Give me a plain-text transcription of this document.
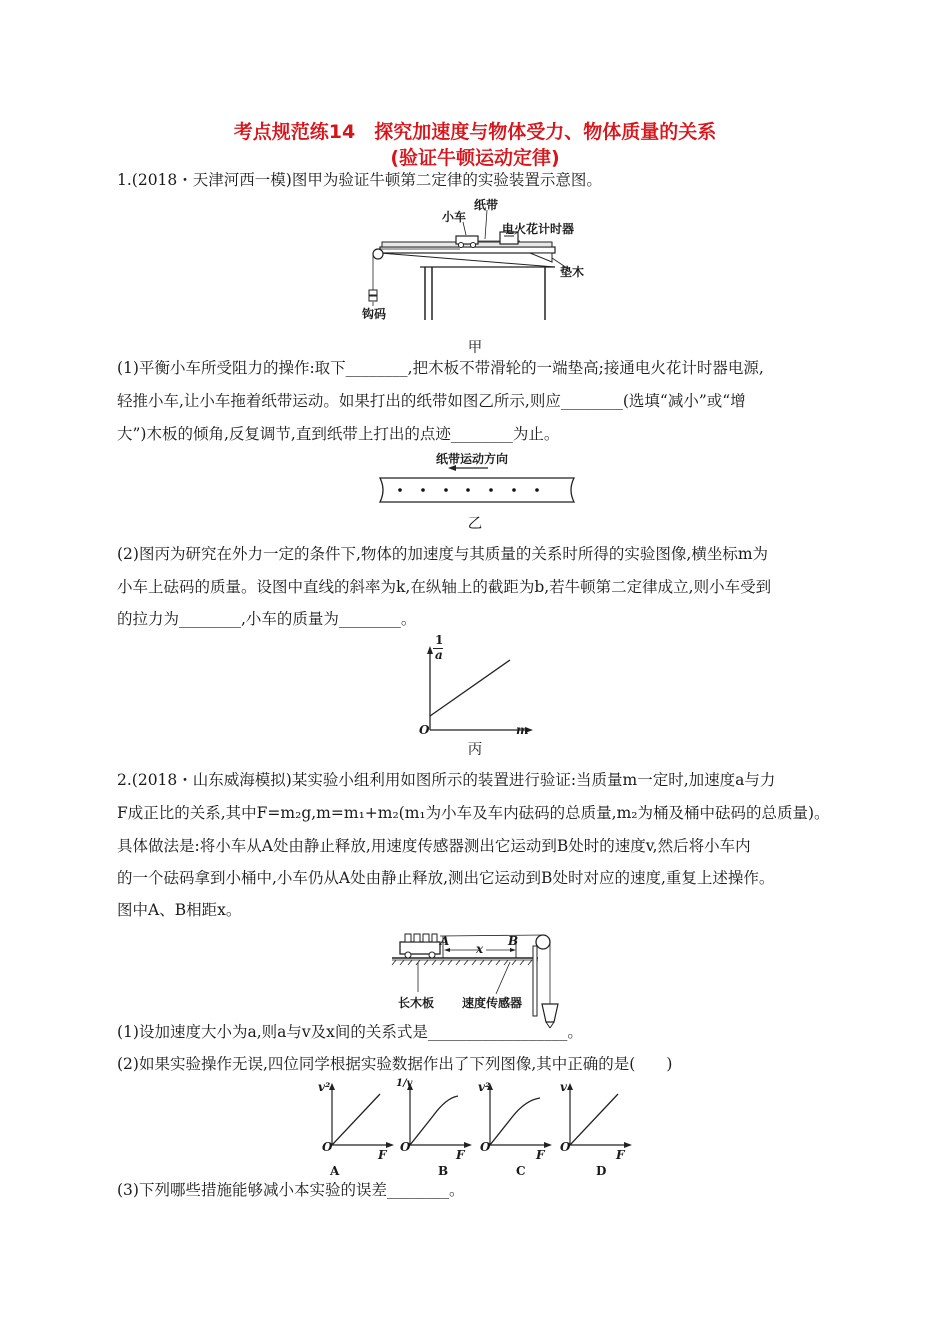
考点规范练14　探究加速度与物体受力、物体质量的关系
(验证牛顿运动定律)
1.(2018・天津河西一模)图甲为验证牛顿第二定律的实验装置示意图。
小车
纸带
电火花计时器
垫木
钩码
甲
(1)平衡小车所受阻力的操作:取下________,把木板不带滑轮的一端垫高;接通电火花计时器电源,
轻推小车,让小车拖着纸带运动。如果打出的纸带如图乙所示,则应________(选填“减小”或“增
大”)木板的倾角,反复调节,直到纸带上打出的点迹________为止。
纸带运动方向
乙
(2)图丙为研究在外力一定的条件下,物体的加速度与其质量的关系时所得的实验图像,横坐标m为
小车上砝码的质量。设图中直线的斜率为k,在纵轴上的截距为b,若牛顿第二定律成立,则小车受到
的拉力为________,小车的质量为________。
1
a
m
O
丙
2.(2018・山东威海模拟)某实验小组利用如图所示的装置进行验证:当质量m一定时,加速度a与力
F成正比的关系,其中F=m₂g,m=m₁+m₂(m₁为小车及车内砝码的总质量,m₂为桶及桶中砝码的总质量)。
具体做法是:将小车从A处由静止释放,用速度传感器测出它运动到B处时的速度v,然后将小车内
的一个砝码拿到小桶中,小车仍从A处由静止释放,测出它运动到B处时对应的速度,重复上述操作。
图中A、B相距x。
A	B
x
长木板 速度传感器
(1)设加速度大小为a,则a与v及x间的关系式是__________________。
(2)如果实验操作无误,四位同学根据实验数据作出了下列图像,其中正确的是(　　)
v²
O
F
A
1/v
O
F
B
v²
O
F
C
v
O
F
D
(3)下列哪些措施能够减小本实验的误差________。
